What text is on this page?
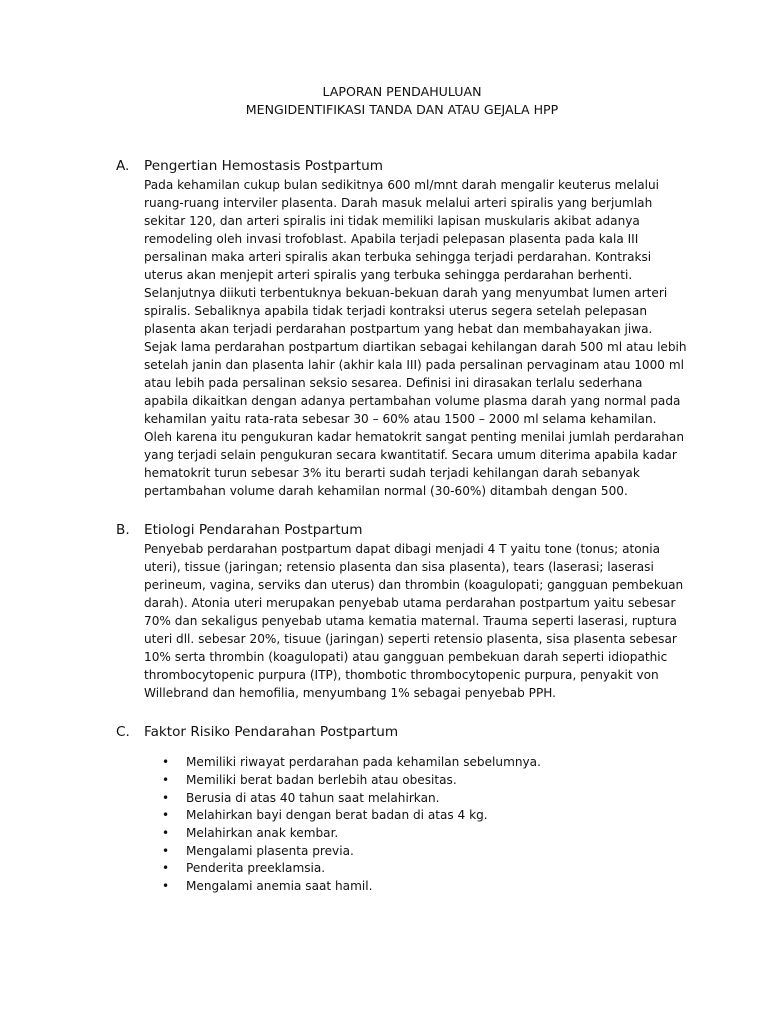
LAPORAN PENDAHULUAN
MENGIDENTIFIKASI TANDA DAN ATAU GEJALA HPP
A.	Pengertian Hemostasis Postpartum

Pada kehamilan cukup bulan sedikitnya 600 ml/mnt darah mengalir keuterus melalui ruang-ruang interviler plasenta. Darah masuk melalui arteri spiralis yang berjumlah sekitar 120, dan arteri spiralis ini tidak memiliki lapisan muskularis akibat adanya remodeling oleh invasi trofoblast. Apabila terjadi pelepasan plasenta pada kala III persalinan maka arteri spiralis akan terbuka sehingga terjadi perdarahan. Kontraksi uterus akan menjepit arteri spiralis yang terbuka sehingga perdarahan berhenti. Selanjutnya diikuti terbentuknya bekuan-bekuan darah yang menyumbat lumen arteri spiralis. Sebaliknya apabila tidak terjadi kontraksi uterus segera setelah pelepasan plasenta akan terjadi perdarahan postpartum yang hebat dan membahayakan jiwa.

Sejak lama perdarahan postpartum diartikan sebagai kehilangan darah 500 ml atau lebih setelah janin dan plasenta lahir (akhir kala III) pada persalinan pervaginam atau 1000 ml atau lebih pada persalinan seksio sesarea. Definisi ini dirasakan terlalu sederhana apabila dikaitkan dengan adanya pertambahan volume plasma darah yang normal pada kehamilan yaitu rata-rata sebesar 30 – 60% atau 1500 – 2000 ml selama kehamilan. Oleh karena itu pengukuran kadar hematokrit sangat penting menilai jumlah perdarahan yang terjadi selain pengukuran secara kwantitatif. Secara umum diterima apabila kadar hematokrit turun sebesar 3% itu berarti sudah terjadi kehilangan darah sebanyak pertambahan volume darah kehamilan normal (30-60%) ditambah dengan 500.

B.	Etiologi Pendarahan Postpartum

Penyebab perdarahan postpartum dapat dibagi menjadi 4 T yaitu tone (tonus; atonia uteri), tissue (jaringan; retensio plasenta dan sisa plasenta), tears (laserasi; laserasi perineum, vagina, serviks dan uterus) dan thrombin (koagulopati; gangguan pembekuan darah). Atonia uteri merupakan penyebab utama perdarahan postpartum yaitu sebesar 70% dan sekaligus penyebab utama kematia maternal. Trauma seperti laserasi, ruptura uteri dll. sebesar 20%, tisuue (jaringan) seperti retensio plasenta, sisa plasenta sebesar 10% serta thrombin (koagulopati) atau gangguan pembekuan darah seperti idiopathic thrombocytopenic purpura (ITP), thombotic thrombocytopenic purpura, penyakit von Willebrand dan hemofilia, menyumbang 1% sebagai penyebab PPH.

C.	Faktor Risiko Pendarahan Postpartum
•	Memiliki riwayat perdarahan pada kehamilan sebelumnya.
•	Memiliki berat badan berlebih atau obesitas.
•	Berusia di atas 40 tahun saat melahirkan.
•	Melahirkan bayi dengan berat badan di atas 4 kg.
•	Melahirkan anak kembar.
•	Mengalami plasenta previa.
•	Penderita preeklamsia.
•	Mengalami anemia saat hamil.
